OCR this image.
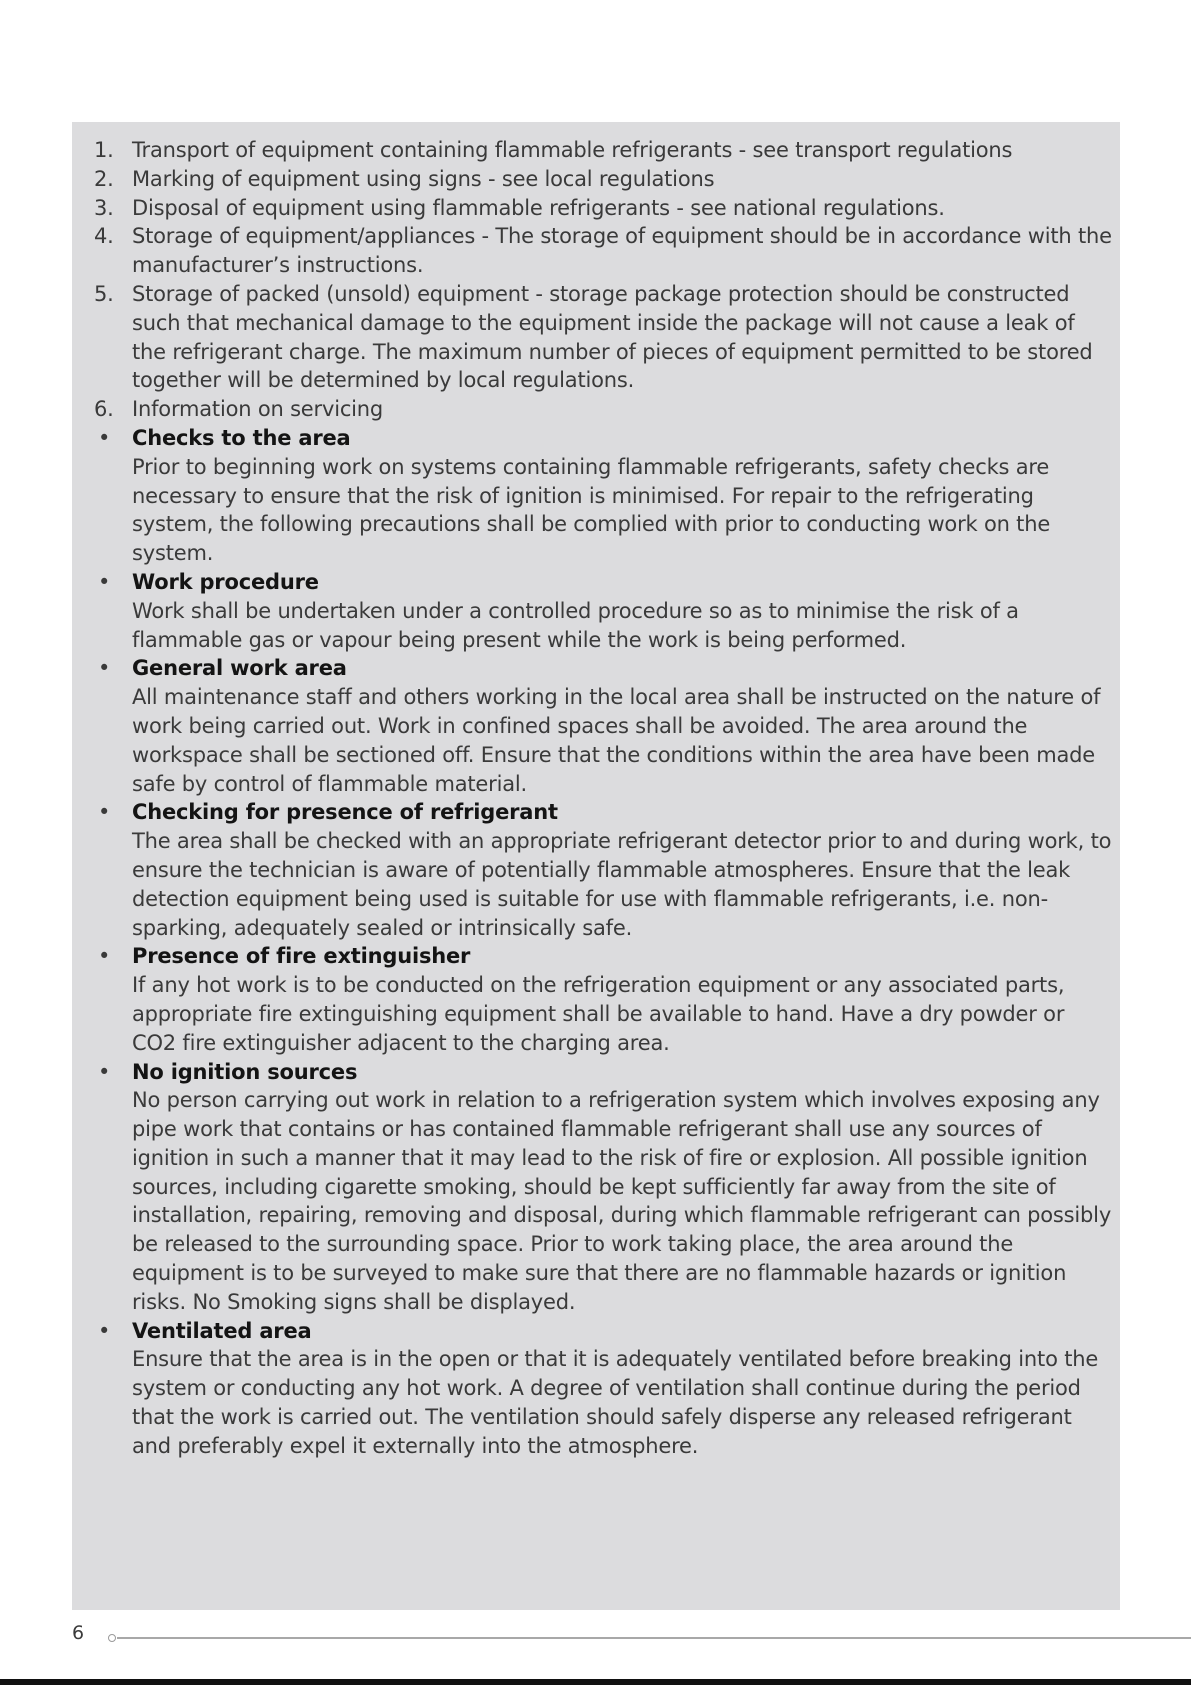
1. Transport of equipment containing flammable refrigerants - see transport regulations
2. Marking of equipment using signs - see local regulations
3. Disposal of equipment using flammable refrigerants - see national regulations.
4. Storage of equipment/appliances - The storage of equipment should be in accordance with the manufacturer’s instructions.
5. Storage of packed (unsold) equipment - storage package protection should be constructed such that mechanical damage to the equipment inside the package will not cause a leak of the refrigerant charge. The maximum number of pieces of equipment permitted to be stored together will be determined by local regulations.
6. Information on servicing
•	Checks to the area
Prior to beginning work on systems containing flammable refrigerants, safety checks are necessary to ensure that the risk of ignition is minimised. For repair to the refrigerating system, the following precautions shall be complied with prior to conducting work on the system.
•	Work procedure
Work shall be undertaken under a controlled procedure so as to minimise the risk of a flammable gas or vapour being present while the work is being performed.
•	General work area
All maintenance staff and others working in the local area shall be instructed on the nature of work being carried out. Work in confined spaces shall be avoided. The area around the workspace shall be sectioned off. Ensure that the conditions within the area have been made safe by control of flammable material.
•	Checking for presence of refrigerant
The area shall be checked with an appropriate refrigerant detector prior to and during work, to ensure the technician is aware of potentially flammable atmospheres. Ensure that the leak detection equipment being used is suitable for use with flammable refrigerants, i.e. non-sparking, adequately sealed or intrinsically safe.
•	Presence of fire extinguisher
If any hot work is to be conducted on the refrigeration equipment or any associated parts, appropriate fire extinguishing equipment shall be available to hand. Have a dry powder or CO2 fire extinguisher adjacent to the charging area.
•	No ignition sources
No person carrying out work in relation to a refrigeration system which involves exposing any pipe work that contains or has contained flammable refrigerant shall use any sources of ignition in such a manner that it may lead to the risk of fire or explosion. All possible ignition sources, including cigarette smoking, should be kept sufficiently far away from the site of installation, repairing, removing and disposal, during which flammable refrigerant can possibly be released to the surrounding space. Prior to work taking place, the area around the equipment is to be surveyed to make sure that there are no flammable hazards or ignition risks. No Smoking signs shall be displayed.
•	Ventilated area
Ensure that the area is in the open or that it is adequately ventilated before breaking into the system or conducting any hot work. A degree of ventilation shall continue during the period that the work is carried out. The ventilation should safely disperse any released refrigerant and preferably expel it externally into the atmosphere.
6
